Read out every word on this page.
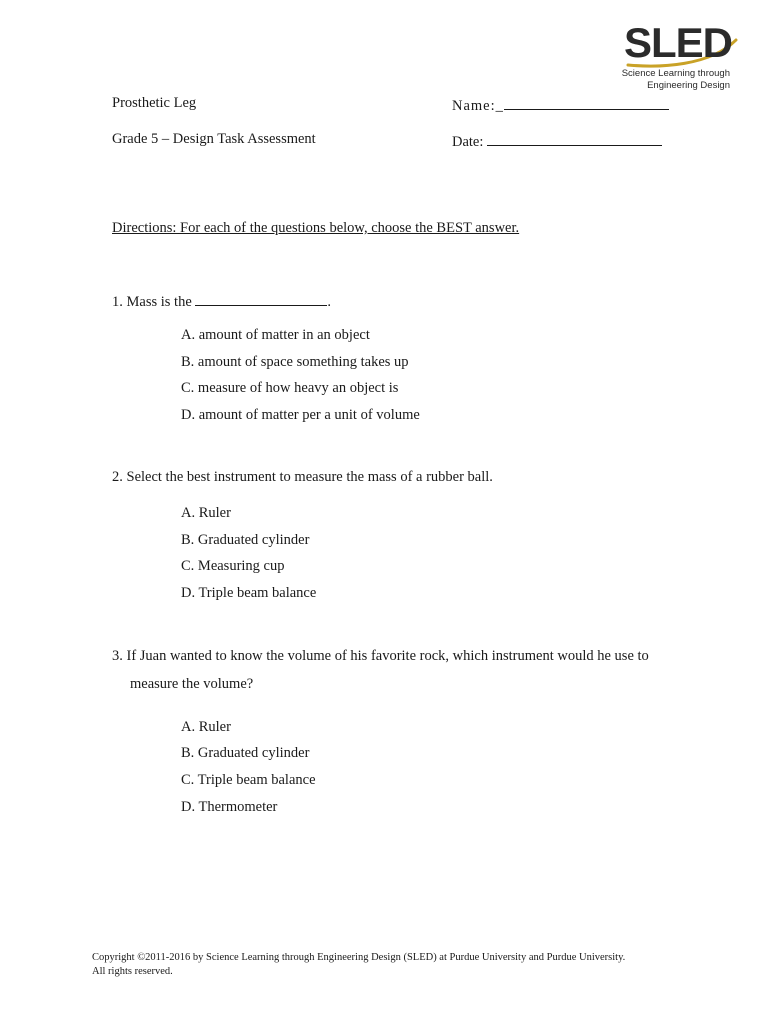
SLED
Science Learning through
Engineering Design
Prosthetic Leg	Name:_
Grade 5 – Design Task Assessment	Date:
Directions: For each of the questions below, choose the BEST answer.
1. Mass is the	.
A. amount of matter in an object
B. amount of space something takes up
C. measure of how heavy an object is
D. amount of matter per a unit of volume
2. Select the best instrument to measure the mass of a rubber ball.
A. Ruler
B. Graduated cylinder
C. Measuring cup
D. Triple beam balance
3. If Juan wanted to know the volume of his favorite rock, which instrument would he use to
measure the volume?
A. Ruler
B. Graduated cylinder
C. Triple beam balance
D. Thermometer
Copyright ©2011-2016 by Science Learning through Engineering Design (SLED) at Purdue University and Purdue University.
All rights reserved.
